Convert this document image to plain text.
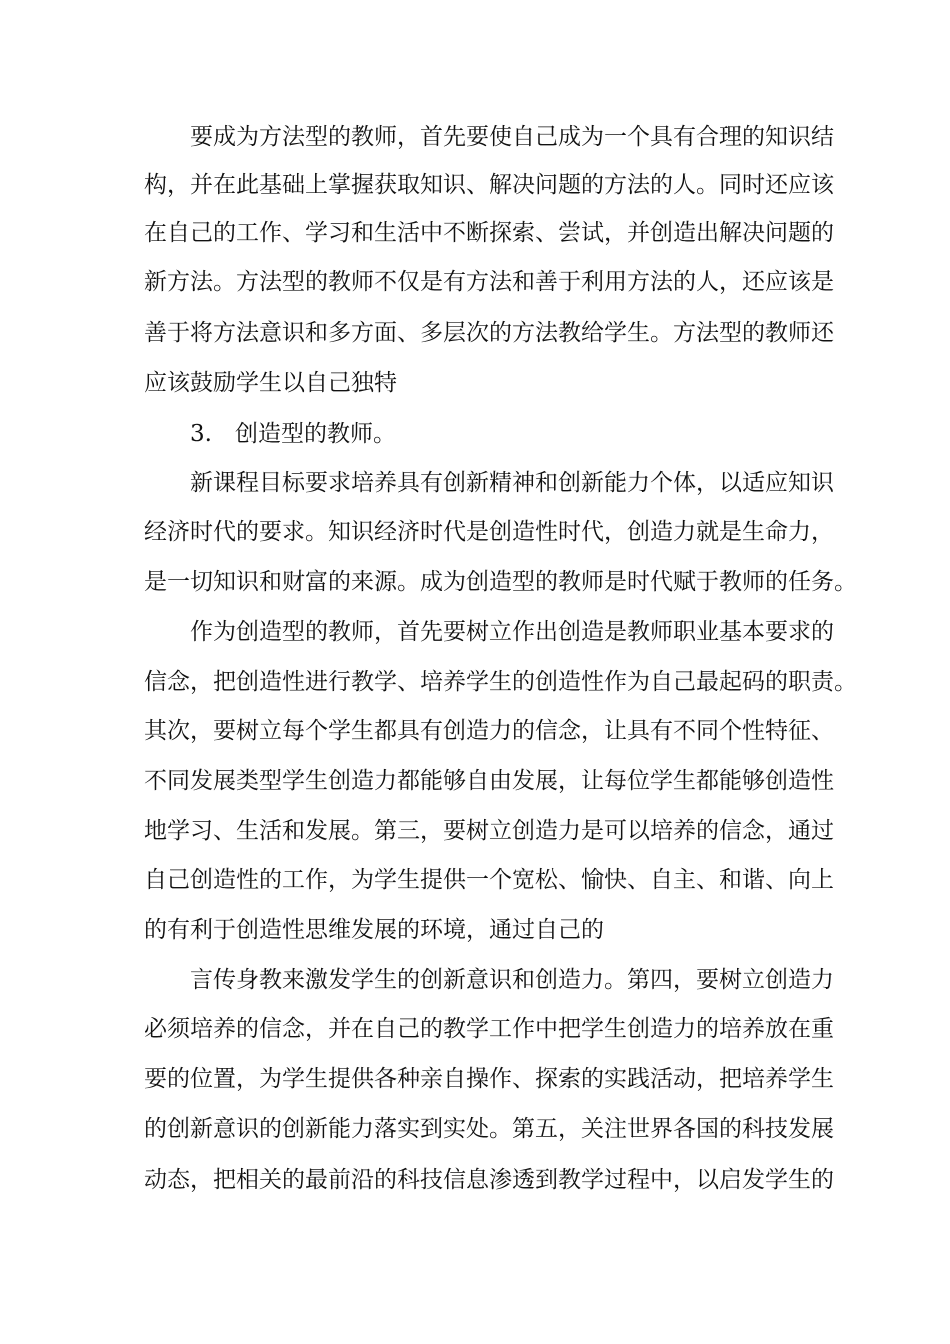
要成为方法型的教师，首先要使自己成为一个具有合理的知识结
构，并在此基础上掌握获取知识、解决问题的方法的人。同时还应该
在自己的工作、学习和生活中不断探索、尝试，并创造出解决问题的
新方法。方法型的教师不仅是有方法和善于利用方法的人，还应该是
善于将方法意识和多方面、多层次的方法教给学生。方法型的教师还
应该鼓励学生以自己独特
3.　创造型的教师。
新课程目标要求培养具有创新精神和创新能力个体，以适应知识
经济时代的要求。知识经济时代是创造性时代，创造力就是生命力，
是一切知识和财富的来源。成为创造型的教师是时代赋于教师的任务。
作为创造型的教师，首先要树立作出创造是教师职业基本要求的
信念，把创造性进行教学、培养学生的创造性作为自己最起码的职责。
其次，要树立每个学生都具有创造力的信念，让具有不同个性特征、
不同发展类型学生创造力都能够自由发展，让每位学生都能够创造性
地学习、生活和发展。第三，要树立创造力是可以培养的信念，通过
自己创造性的工作，为学生提供一个宽松、愉快、自主、和谐、向上
的有利于创造性思维发展的环境，通过自己的
言传身教来激发学生的创新意识和创造力。第四，要树立创造力
必须培养的信念，并在自己的教学工作中把学生创造力的培养放在重
要的位置，为学生提供各种亲自操作、探索的实践活动，把培养学生
的创新意识的创新能力落实到实处。第五，关注世界各国的科技发展
动态，把相关的最前沿的科技信息渗透到教学过程中，以启发学生的
